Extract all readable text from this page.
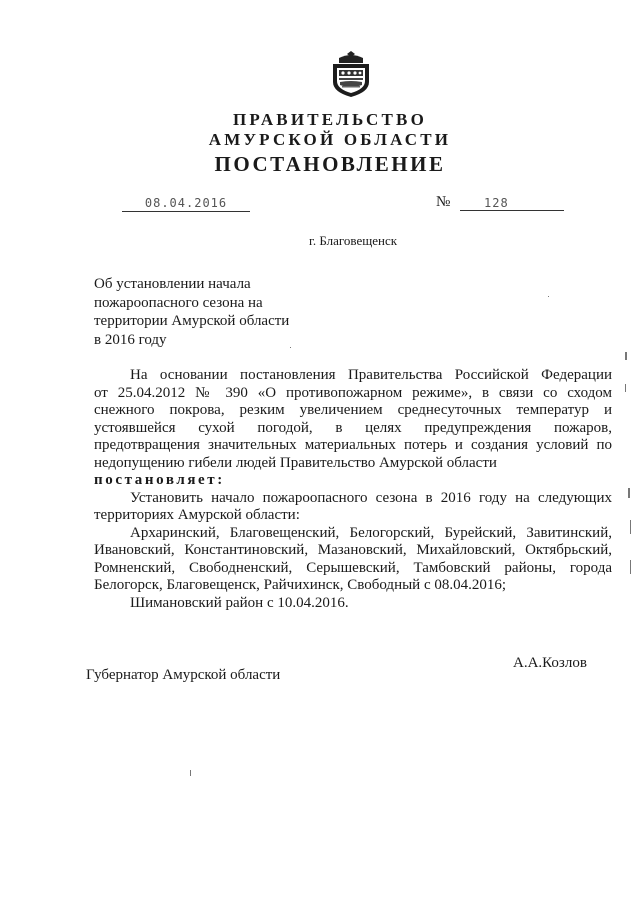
ПРАВИТЕЛЬСТВО
АМУРСКОЙ ОБЛАСТИ
ПОСТАНОВЛЕНИЕ
08.04.2016	№	128
г. Благовещенск
Об установлении начала
пожароопасного сезона на
территории Амурской области
в 2016 году
На основании постановления Правительства Российской Федерации
от 25.04.2012 № 390 «О противопожарном режиме», в связи со сходом
снежного покрова, резким увеличением среднесуточных температур и
устоявшейся сухой погодой, в целях предупреждения пожаров,
предотвращения значительных материальных потерь и создания условий по
недопущению гибели людей Правительство Амурской области
постановляет:
Установить начало пожароопасного сезона в 2016 году на следующих
территориях Амурской области:
Архаринский, Благовещенский, Белогорский, Бурейский, Завитинский,
Ивановский, Константиновский, Мазановский, Михайловский, Октябрьский,
Ромненский, Свободненский, Серышевский, Тамбовский районы, города
Белогорск, Благовещенск, Райчихинск, Свободный с 08.04.2016;
Шимановский район с 10.04.2016.
Губернатор Амурской области
А.А.Козлов
